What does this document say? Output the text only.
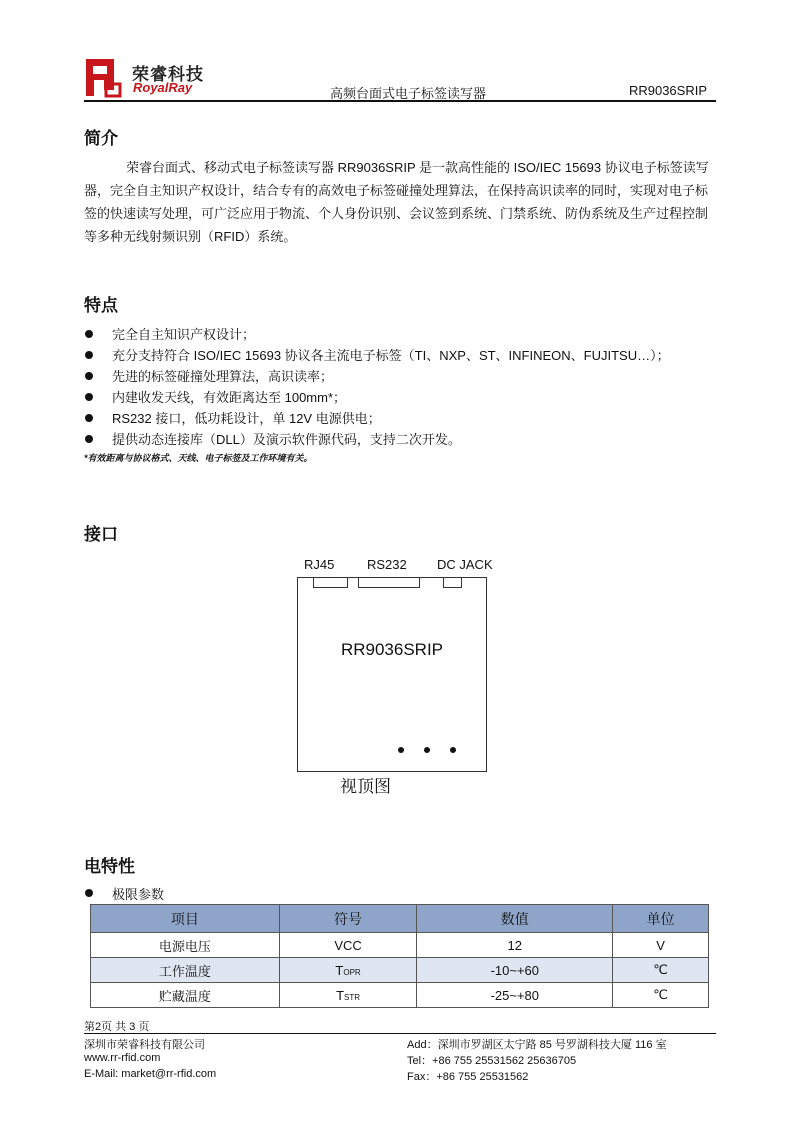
荣睿科技
RoyalRay	高频台面式电子标签读写器	RR9036SRIP
简介
荣睿台面式、移动式电子标签读写器 RR9036SRIP 是一款高性能的 ISO/IEC 15693 协议电子标签读写器，完全自主知识产权设计，结合专有的高效电子标签碰撞处理算法，在保持高识读率的同时，实现对电子标签的快速读写处理，可广泛应用于物流、个人身份识别、会议签到系统、门禁系统、防伪系统及生产过程控制等多种无线射频识别（RFID）系统。
特点
完全自主知识产权设计；
充分支持符合 ISO/IEC 15693 协议各主流电子标签（TI、NXP、ST、INFINEON、FUJITSU…）；
先进的标签碰撞处理算法，高识读率；
内建收发天线，有效距离达至 100mm*；
RS232 接口，低功耗设计，单 12V 电源供电；
提供动态连接库（DLL）及演示软件源代码，支持二次开发。
*有效距离与协议格式、天线、电子标签及工作环境有关。
接口
RJ45	RS232 DC JACK
RR9036SRIP
视顶图
电特性
极限参数
项目	符号	数值	单位
电源电压	VCC	12	V
工作温度	TOPR	-10~+60	℃
贮藏温度	TSTR	-25~+80	℃
第2页 共 3 页
深圳市荣睿科技有限公司
www.rr-rfid.com
E-Mail: market@rr-rfid.com
Add：深圳市罗湖区太宁路 85 号罗湖科技大厦 116 室
Tel：+86 755 25531562 25636705
Fax：+86 755 25531562
